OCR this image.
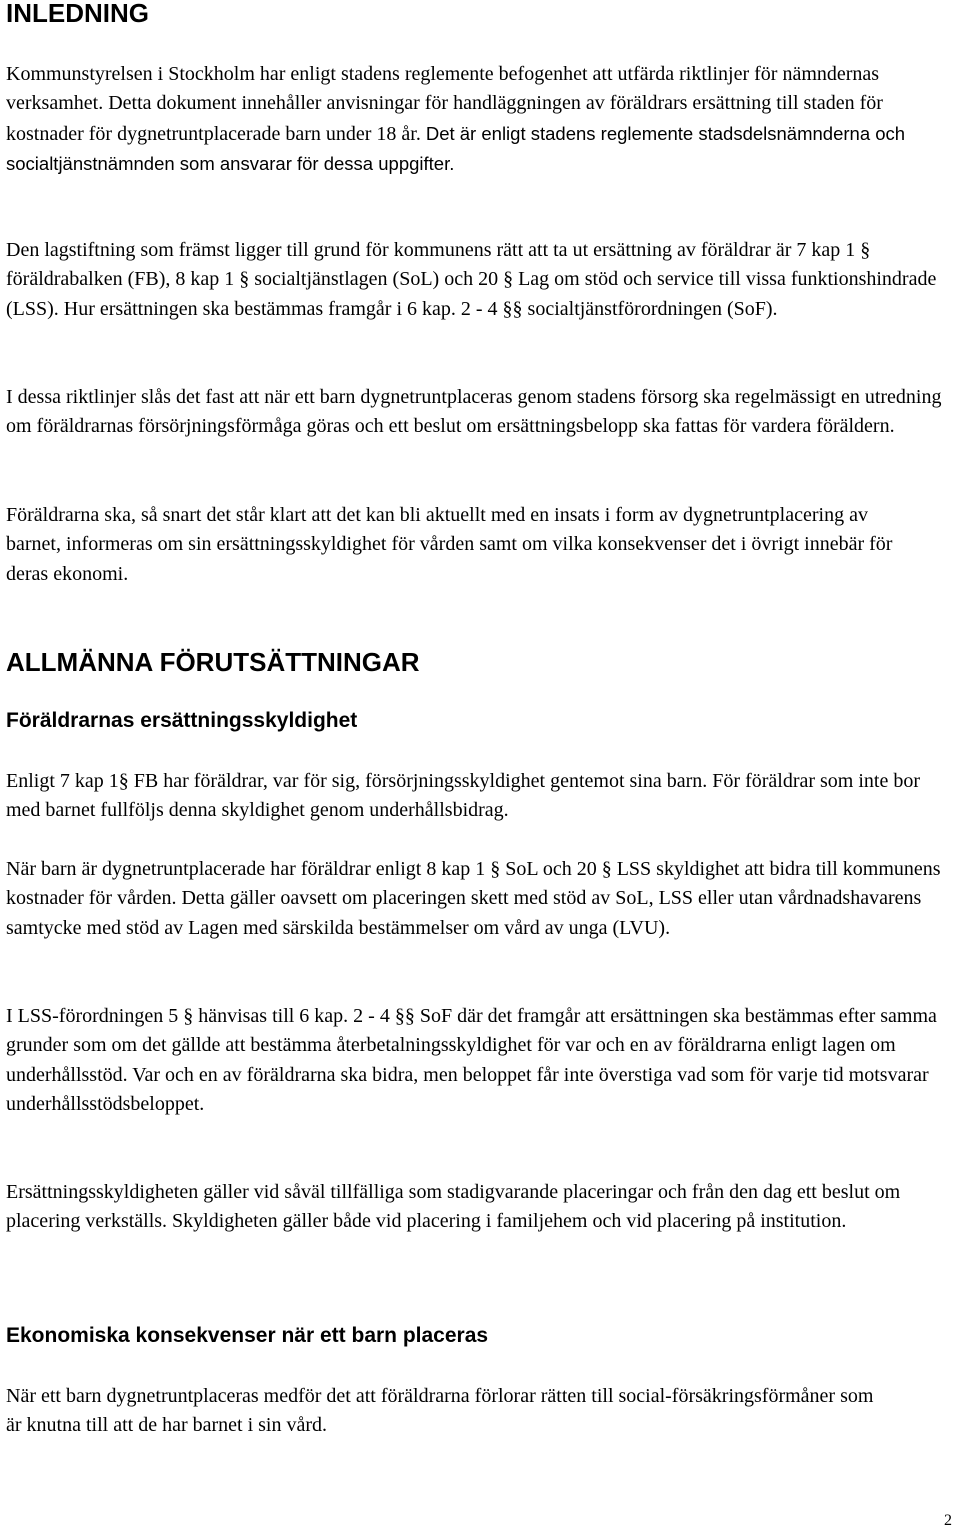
INLEDNING

Kommunstyrelsen i Stockholm har enligt stadens reglemente befogenhet att utfärda riktlinjer för nämndernas verksamhet. Detta dokument innehåller anvisningar för handläggningen av föräldrars ersättning till staden för kostnader för dygnetruntplacerade barn under 18 år.

Det är enligt stadens reglemente stadsdelsnämnderna och socialtjänstnämnden som ansvarar för dessa uppgifter.

Den lagstiftning som främst ligger till grund för kommunens rätt att ta ut ersättning av föräldrar är 7 kap 1 § föräldrabalken (FB), 8 kap 1 § socialtjänstlagen (SoL) och 20 § Lag om stöd och service till vissa funktionshindrade (LSS). Hur ersättningen ska bestämmas framgår i 6 kap. 2 - 4 §§ socialtjänstförordningen (SoF).

I dessa riktlinjer slås det fast att när ett barn dygnetruntplaceras genom stadens försorg ska regelmässigt en utredning om föräldrarnas försörjningsförmåga göras och ett beslut om ersättningsbelopp ska fattas för vardera föräldern.

Föräldrarna ska, så snart det står klart att det kan bli aktuellt med en insats i form av dygnetruntplacering av barnet, informeras om sin ersättningsskyldighet för vården samt om vilka konsekvenser det i övrigt innebär för deras ekonomi.

ALLMÄNNA FÖRUTSÄTTNINGAR
Föräldrarnas ersättningsskyldighet

Enligt 7 kap 1§ FB har föräldrar, var för sig, försörjningsskyldighet gentemot sina barn. För föräldrar som inte bor med barnet fullföljs denna skyldighet genom underhållsbidrag.

När barn är dygnetruntplacerade har föräldrar enligt 8 kap 1 § SoL och 20 § LSS skyldighet att bidra till kommunens kostnader för vården. Detta gäller oavsett om placeringen skett med stöd av SoL, LSS eller utan vårdnadshavarens samtycke med stöd av Lagen med särskilda bestämmelser om vård av unga (LVU).

I LSS-förordningen 5 § hänvisas till 6 kap. 2 - 4 §§ SoF där det framgår att ersättningen ska bestämmas efter samma grunder som om det gällde att bestämma återbetalningsskyldighet för var och en av föräldrarna enligt lagen om underhållsstöd. Var och en av föräldrarna ska bidra, men beloppet får inte överstiga vad som för varje tid motsvarar underhållsstödsbeloppet.

Ersättningsskyldigheten gäller vid såväl tillfälliga som stadigvarande placeringar och från den dag ett beslut om placering verkställs. Skyldigheten gäller både vid placering i familjehem och vid placering på institution.

Ekonomiska konsekvenser när ett barn placeras

När ett barn dygnetruntplaceras medför det att föräldrarna förlorar rätten till social-försäkringsförmåner som är knutna till att de har barnet i sin vård.

2
